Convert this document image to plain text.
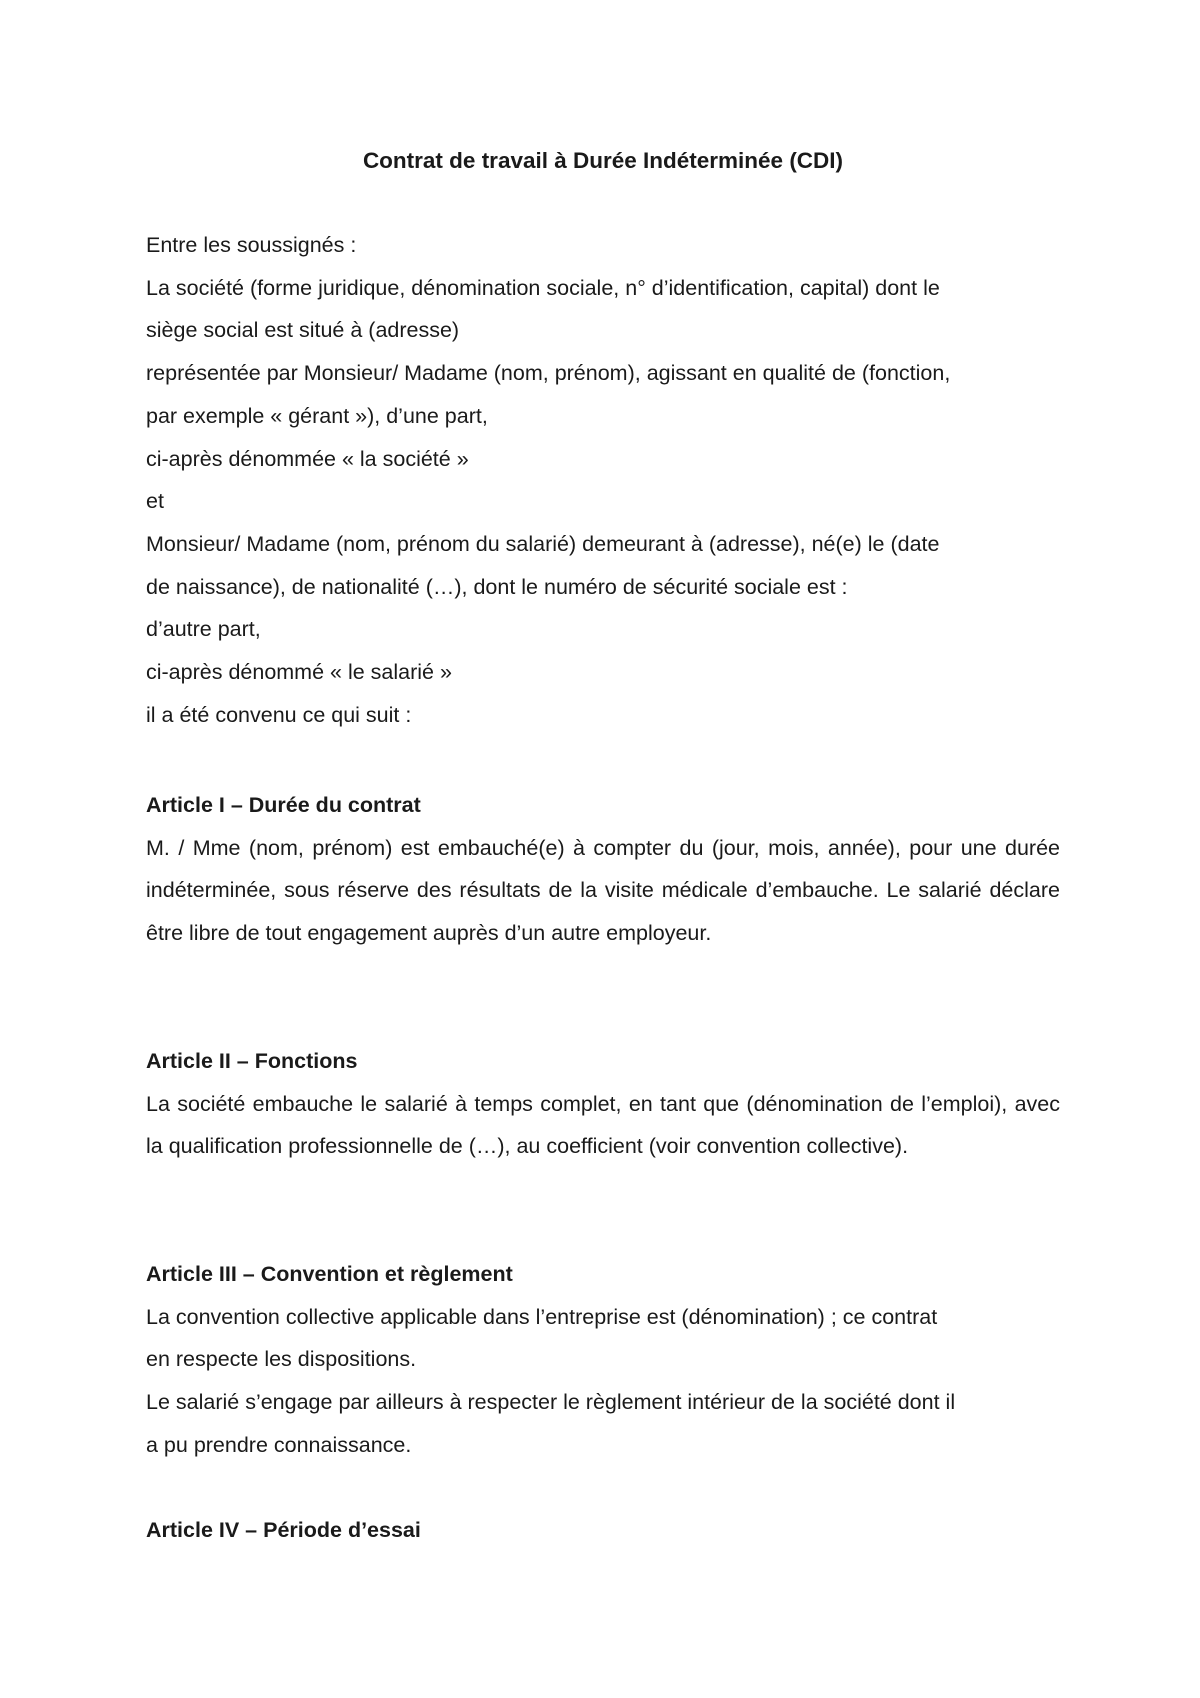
Contrat de travail à Durée Indéterminée (CDI)
Entre les soussignés :
La société (forme juridique, dénomination sociale, n° d’identification, capital) dont le
siège social est situé à (adresse)
représentée par Monsieur/ Madame (nom, prénom), agissant en qualité de (fonction,
par exemple « gérant »), d’une part,
ci-après dénommée « la société »
et
Monsieur/ Madame (nom, prénom du salarié) demeurant à (adresse), né(e) le (date
de naissance), de nationalité (…), dont le numéro de sécurité sociale est :
d’autre part,
ci-après dénommé « le salarié »
il a été convenu ce qui suit :
Article I – Durée du contrat

M. / Mme (nom, prénom) est embauché(e) à compter du (jour, mois, année), pour une durée indéterminée, sous réserve des résultats de la visite médicale d’embauche. Le salarié déclare être libre de tout engagement auprès d’un autre employeur.

Article II – Fonctions

La société embauche le salarié à temps complet, en tant que (dénomination de l’emploi), avec la qualification professionnelle de (…), au coefficient (voir convention collective).

Article III – Convention et règlement
La convention collective applicable dans l’entreprise est (dénomination) ; ce contrat
en respecte les dispositions.
Le salarié s’engage par ailleurs à respecter le règlement intérieur de la société dont il
a pu prendre connaissance.
Article IV – Période d’essai
